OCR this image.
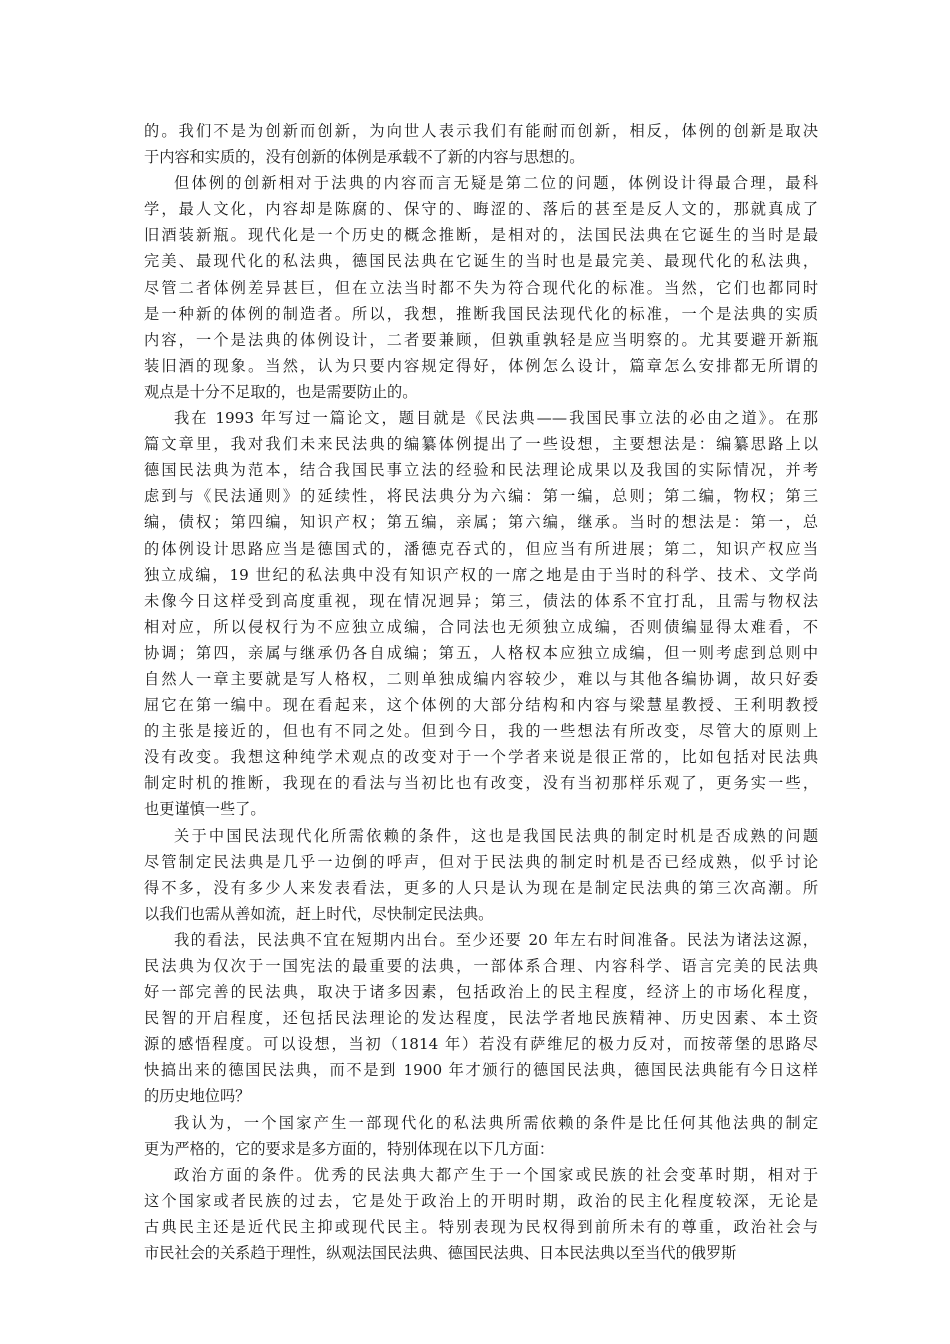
的。我们不是为创新而创新，为向世人表示我们有能耐而创新，相反，体例的创新是取决
于内容和实质的，没有创新的体例是承载不了新的内容与思想的。
但体例的创新相对于法典的内容而言无疑是第二位的问题，体例设计得最合理，最科
学，最人文化，内容却是陈腐的、保守的、晦涩的、落后的甚至是反人文的，那就真成了
旧酒装新瓶。现代化是一个历史的概念推断，是相对的，法国民法典在它诞生的当时是最
完美、最现代化的私法典，德国民法典在它诞生的当时也是最完美、最现代化的私法典，
尽管二者体例差异甚巨，但在立法当时都不失为符合现代化的标准。当然，它们也都同时
是一种新的体例的制造者。所以，我想，推断我国民法现代化的标准，一个是法典的实质
内容，一个是法典的体例设计，二者要兼顾，但孰重孰轻是应当明察的。尤其要避开新瓶
装旧酒的现象。当然，认为只要内容规定得好，体例怎么设计，篇章怎么安排都无所谓的
观点是十分不足取的，也是需要防止的。
我在 1993 年写过一篇论文，题目就是《民法典——我国民事立法的必由之道》。在那
篇文章里，我对我们未来民法典的编纂体例提出了一些设想，主要想法是：编纂思路上以
德国民法典为范本，结合我国民事立法的经验和民法理论成果以及我国的实际情况，并考
虑到与《民法通则》的延续性，将民法典分为六编：第一编，总则；第二编，物权；第三
编，债权；第四编，知识产权；第五编，亲属；第六编，继承。当时的想法是：第一，总
的体例设计思路应当是德国式的，潘德克吞式的，但应当有所进展；第二，知识产权应当
独立成编，19 世纪的私法典中没有知识产权的一席之地是由于当时的科学、技术、文学尚
未像今日这样受到高度重视，现在情况迥异；第三，债法的体系不宜打乱，且需与物权法
相对应，所以侵权行为不应独立成编，合同法也无须独立成编，否则债编显得太难看，不
协调；第四，亲属与继承仍各自成编；第五，人格权本应独立成编，但一则考虑到总则中
自然人一章主要就是写人格权，二则单独成编内容较少，难以与其他各编协调，故只好委
屈它在第一编中。现在看起来，这个体例的大部分结构和内容与梁慧星教授、王利明教授
的主张是接近的，但也有不同之处。但到今日，我的一些想法有所改变，尽管大的原则上
没有改变。我想这种纯学术观点的改变对于一个学者来说是很正常的，比如包括对民法典
制定时机的推断，我现在的看法与当初比也有改变，没有当初那样乐观了，更务实一些，
也更谨慎一些了。
关于中国民法现代化所需依赖的条件，这也是我国民法典的制定时机是否成熟的问题
尽管制定民法典是几乎一边倒的呼声，但对于民法典的制定时机是否已经成熟，似乎讨论
得不多，没有多少人来发表看法，更多的人只是认为现在是制定民法典的第三次高潮。所
以我们也需从善如流，赶上时代，尽快制定民法典。
我的看法，民法典不宜在短期内出台。至少还要 20 年左右时间准备。民法为诸法这源，
民法典为仅次于一国宪法的最重要的法典，一部体系合理、内容科学、语言完美的民法典
好一部完善的民法典，取决于诸多因素，包括政治上的民主程度，经济上的市场化程度，
民智的开启程度，还包括民法理论的发达程度，民法学者地民族精神、历史因素、本土资
源的感悟程度。可以设想，当初（1814 年）若没有萨维尼的极力反对，而按蒂堡的思路尽
快搞出来的德国民法典，而不是到 1900 年才颁行的德国民法典，德国民法典能有今日这样
的历史地位吗？
我认为，一个国家产生一部现代化的私法典所需依赖的条件是比任何其他法典的制定
更为严格的，它的要求是多方面的，特别体现在以下几方面：
政治方面的条件。优秀的民法典大都产生于一个国家或民族的社会变革时期，相对于
这个国家或者民族的过去，它是处于政治上的开明时期，政治的民主化程度较深，无论是
古典民主还是近代民主抑或现代民主。特别表现为民权得到前所未有的尊重，政治社会与
市民社会的关系趋于理性，纵观法国民法典、德国民法典、日本民法典以至当代的俄罗斯
